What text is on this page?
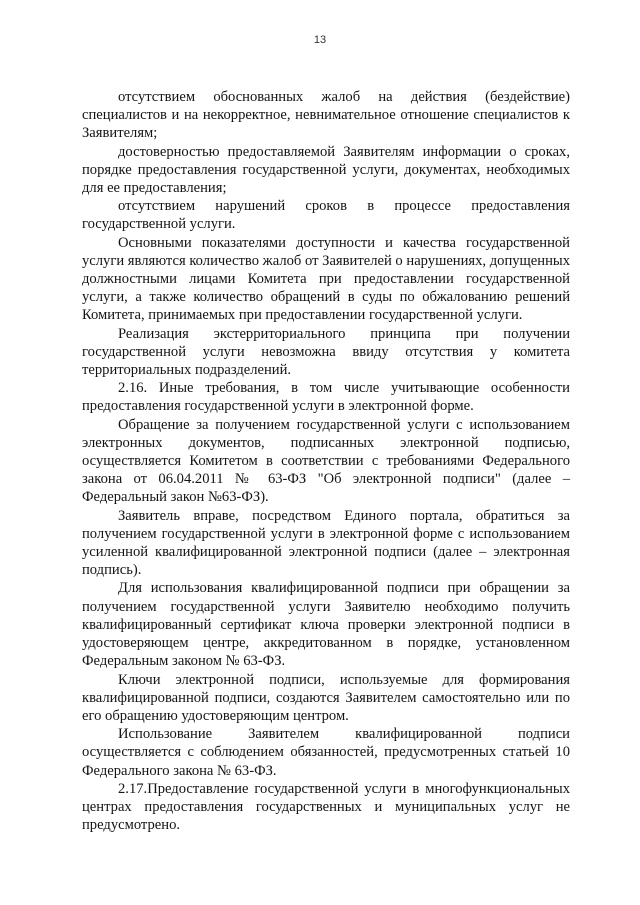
13

отсутствием обоснованных жалоб на действия (бездействие) специалистов и на некорректное, невнимательное отношение специалистов к Заявителям;

достоверностью предоставляемой Заявителям информации о сроках, порядке предоставления государственной услуги, документах, необходимых для ее предоставления;

отсутствием нарушений сроков в процессе предоставления государственной услуги.

Основными показателями доступности и качества государственной услуги являются количество жалоб от Заявителей о нарушениях, допущенных должностными лицами Комитета при предоставлении государственной услуги, а также количество обращений в суды по обжалованию решений Комитета, принимаемых при предоставлении государственной услуги.

Реализация экстерриториального принципа при получении государственной услуги невозможна ввиду отсутствия у комитета территориальных подразделений.

2.16. Иные требования, в том числе учитывающие особенности предоставления государственной услуги в электронной форме.

Обращение за получением государственной услуги с использованием электронных документов, подписанных электронной подписью, осуществляется Комитетом в соответствии с требованиями Федерального закона от 06.04.2011 № 63-ФЗ "Об электронной подписи" (далее – Федеральный закон №63-ФЗ).

Заявитель вправе, посредством Единого портала, обратиться за получением государственной услуги в электронной форме с использованием усиленной квалифицированной электронной подписи (далее – электронная подпись).

Для использования квалифицированной подписи при обращении за получением государственной услуги Заявителю необходимо получить квалифицированный сертификат ключа проверки электронной подписи в удостоверяющем центре, аккредитованном в порядке, установленном Федеральным законом № 63-ФЗ.

Ключи электронной подписи, используемые для формирования квалифицированной подписи, создаются Заявителем самостоятельно или по его обращению удостоверяющим центром.

Использование Заявителем квалифицированной подписи осуществляется с соблюдением обязанностей, предусмотренных статьей 10 Федерального закона № 63-ФЗ.

2.17.Предоставление государственной услуги в многофункциональных центрах предоставления государственных и муниципальных услуг не предусмотрено.
